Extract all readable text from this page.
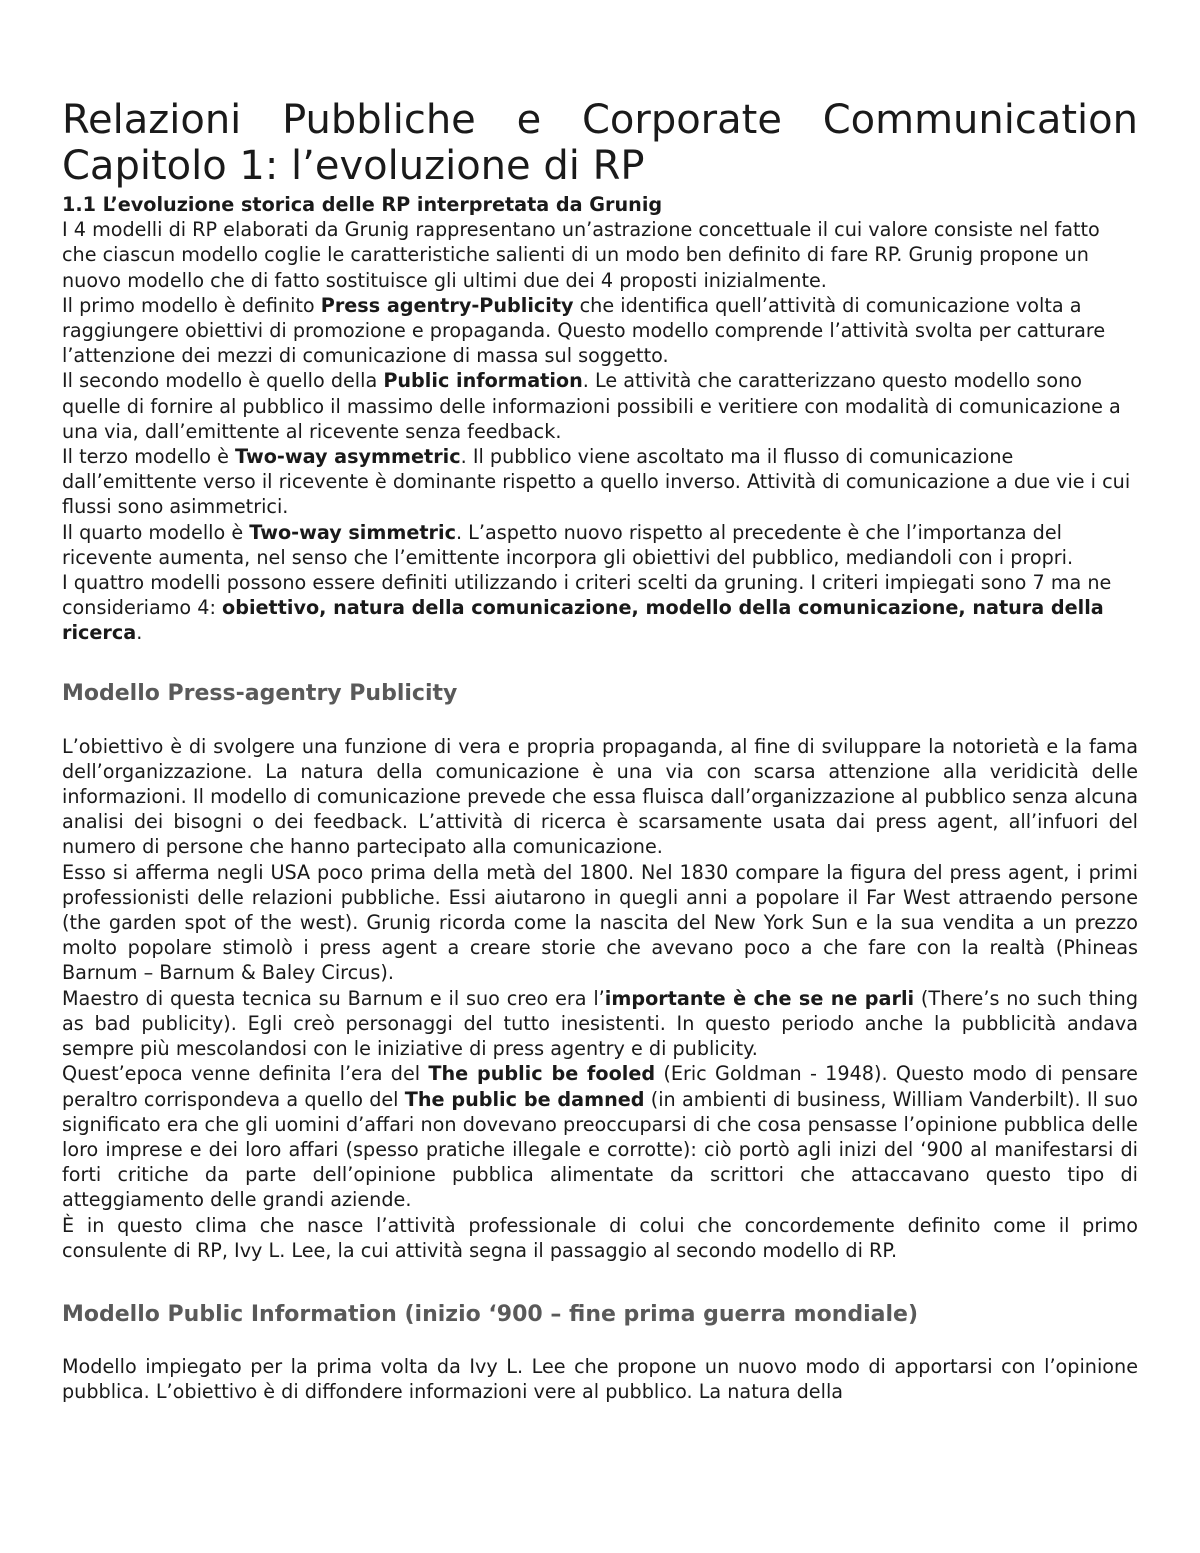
Relazioni Pubbliche e Corporate Communication
Capitolo 1: l’evoluzione di RP
1.1 L’evoluzione storica delle RP interpretata da Grunig

I 4 modelli di RP elaborati da Grunig rappresentano un’astrazione concettuale il cui valore consiste nel fatto che ciascun modello coglie le caratteristiche salienti di un modo ben definito di fare RP. Grunig propone un nuovo modello che di fatto sostituisce gli ultimi due dei 4 proposti inizialmente.

Il primo modello è definito Press agentry-Publicity che identifica quell’attività di comunicazione volta a raggiungere obiettivi di promozione e propaganda. Questo modello comprende l’attività svolta per catturare l’attenzione dei mezzi di comunicazione di massa sul soggetto.

Il secondo modello è quello della Public information. Le attività che caratterizzano questo modello sono quelle di fornire al pubblico il massimo delle informazioni possibili e veritiere con modalità di comunicazione a una via, dall’emittente al ricevente senza feedback.

Il terzo modello è Two-way asymmetric. Il pubblico viene ascoltato ma il flusso di comunicazione dall’emittente verso il ricevente è dominante rispetto a quello inverso. Attività di comunicazione a due vie i cui flussi sono asimmetrici.

Il quarto modello è Two-way simmetric. L’aspetto nuovo rispetto al precedente è che l’importanza del ricevente aumenta, nel senso che l’emittente incorpora gli obiettivi del pubblico, mediandoli con i propri.

I quattro modelli possono essere definiti utilizzando i criteri scelti da gruning. I criteri impiegati sono 7 ma ne consideriamo 4: obiettivo, natura della comunicazione, modello della comunicazione, natura della ricerca.

Modello Press-agentry Publicity

L’obiettivo è di svolgere una funzione di vera e propria propaganda, al fine di sviluppare la notorietà e la fama dell’organizzazione. La natura della comunicazione è una via con scarsa attenzione alla veridicità delle informazioni. Il modello di comunicazione prevede che essa fluisca dall’organizzazione al pubblico senza alcuna analisi dei bisogni o dei feedback. L’attività di ricerca è scarsamente usata dai press agent, all’infuori del numero di persone che hanno partecipato alla comunicazione.

Esso si afferma negli USA poco prima della metà del 1800. Nel 1830 compare la figura del press agent, i primi professionisti delle relazioni pubbliche. Essi aiutarono in quegli anni a popolare il Far West attraendo persone (the garden spot of the west). Grunig ricorda come la nascita del New York Sun e la sua vendita a un prezzo molto popolare stimolò i press agent a creare storie che avevano poco a che fare con la realtà (Phineas Barnum – Barnum & Baley Circus).

Maestro di questa tecnica su Barnum e il suo creo era l’importante è che se ne parli (There’s no such thing as bad publicity). Egli creò personaggi del tutto inesistenti. In questo periodo anche la pubblicità andava sempre più mescolandosi con le iniziative di press agentry e di publicity.

Quest’epoca venne definita l’era del The public be fooled (Eric Goldman - 1948). Questo modo di pensare peraltro corrispondeva a quello del The public be damned (in ambienti di business, William Vanderbilt). Il suo significato era che gli uomini d’affari non dovevano preoccuparsi di che cosa pensasse l’opinione pubblica delle loro imprese e dei loro affari (spesso pratiche illegale e corrotte): ciò portò agli inizi del ‘900 al manifestarsi di forti critiche da parte dell’opinione pubblica alimentate da scrittori che attaccavano questo tipo di atteggiamento delle grandi aziende.

È in questo clima che nasce l’attività professionale di colui che concordemente definito come il primo consulente di RP, Ivy L. Lee, la cui attività segna il passaggio al secondo modello di RP.

Modello Public Information (inizio ‘900 – fine prima guerra mondiale)

Modello impiegato per la prima volta da Ivy L. Lee che propone un nuovo modo di apportarsi con l’opinione pubblica. L’obiettivo è di diffondere informazioni vere al pubblico. La natura della
